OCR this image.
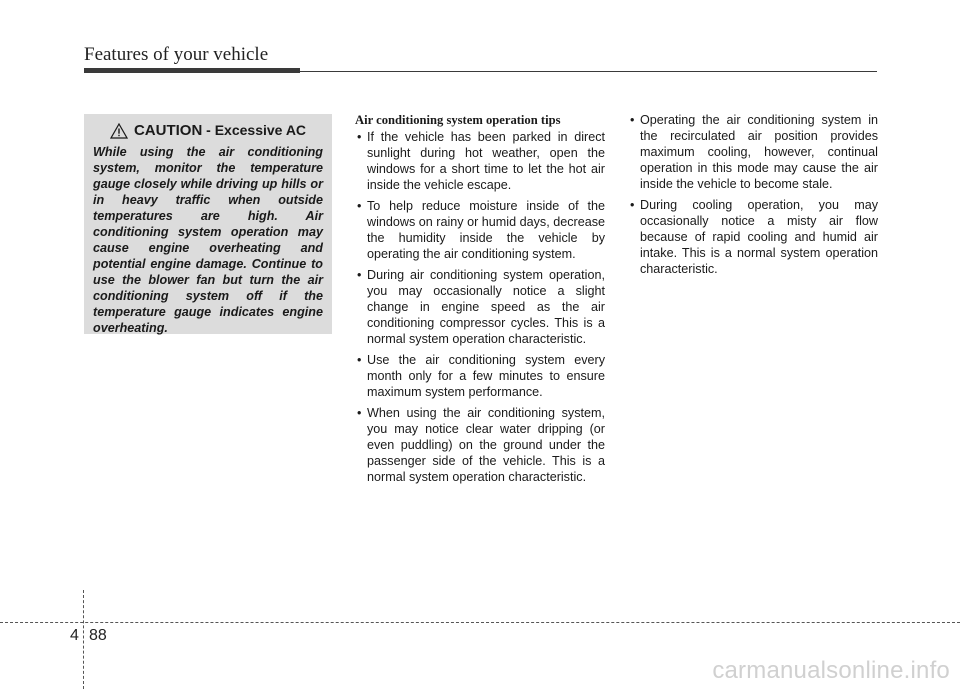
Features of your vehicle
CAUTION - Excessive AC

While using the air conditioning system, monitor the temperature gauge closely while driving up hills or in heavy traffic when outside temperatures are high. Air conditioning system operation may cause engine overheating and potential engine damage. Continue to use the blower fan but turn the air conditioning system off if the temperature gauge indicates engine overheating.

Air conditioning system operation tips
• If the vehicle has been parked in direct sunlight during hot weather, open the windows for a short time to let the hot air inside the vehicle escape.
• To help reduce moisture inside of the windows on rainy or humid days, decrease the humidity inside the vehicle by operating the air conditioning system.
• During air conditioning system operation, you may occasionally notice a slight change in engine speed as the air conditioning compressor cycles. This is a normal system operation characteristic.
• Use the air conditioning system every month only for a few minutes to ensure maximum system performance.
• When using the air conditioning system, you may notice clear water dripping (or even puddling) on the ground under the passenger side of the vehicle. This is a normal system operation characteristic.
• Operating the air conditioning system in the recirculated air position provides maximum cooling, however, continual operation in this mode may cause the air inside the vehicle to become stale.
• During cooling operation, you may occasionally notice a misty air flow because of rapid cooling and humid air intake. This is a normal system operation characteristic.
4 88
carmanualsonline.info
